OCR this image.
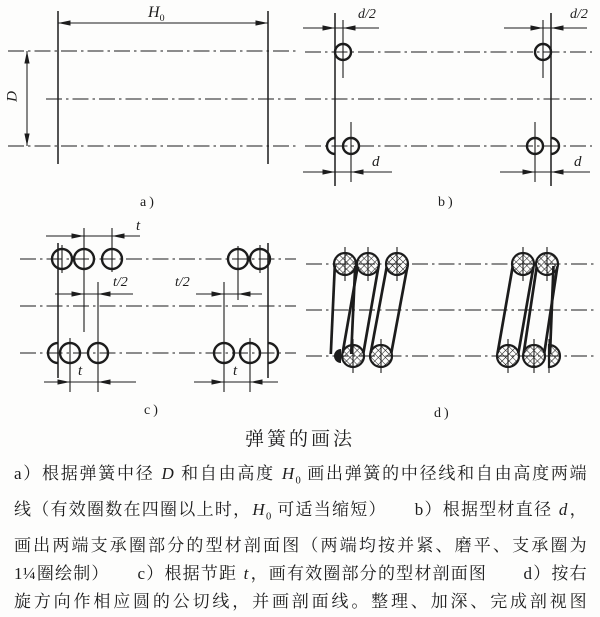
$H_0$
D
d/2	d/2
d	d
t
t/2	t/2
t	t
a)	b)
c)	d)
弹簧的画法

a）根据弹簧中径 D 和自由高度 $H_0$ 画出弹簧的中径线和自由高度两端

线（有效圈数在四圈以上时，$H_0$ 可适当缩短）　　b）根据型材直径 d，

画出两端支承圈部分的型材剖面图（两端均按并紧、磨平、支承圈为

1¼圈绘制）　　c）根据节距 t，画有效圈部分的型材剖面图　　d）按右

旋方向作相应圆的公切线，并画剖面线。整理、加深、完成剖视图
